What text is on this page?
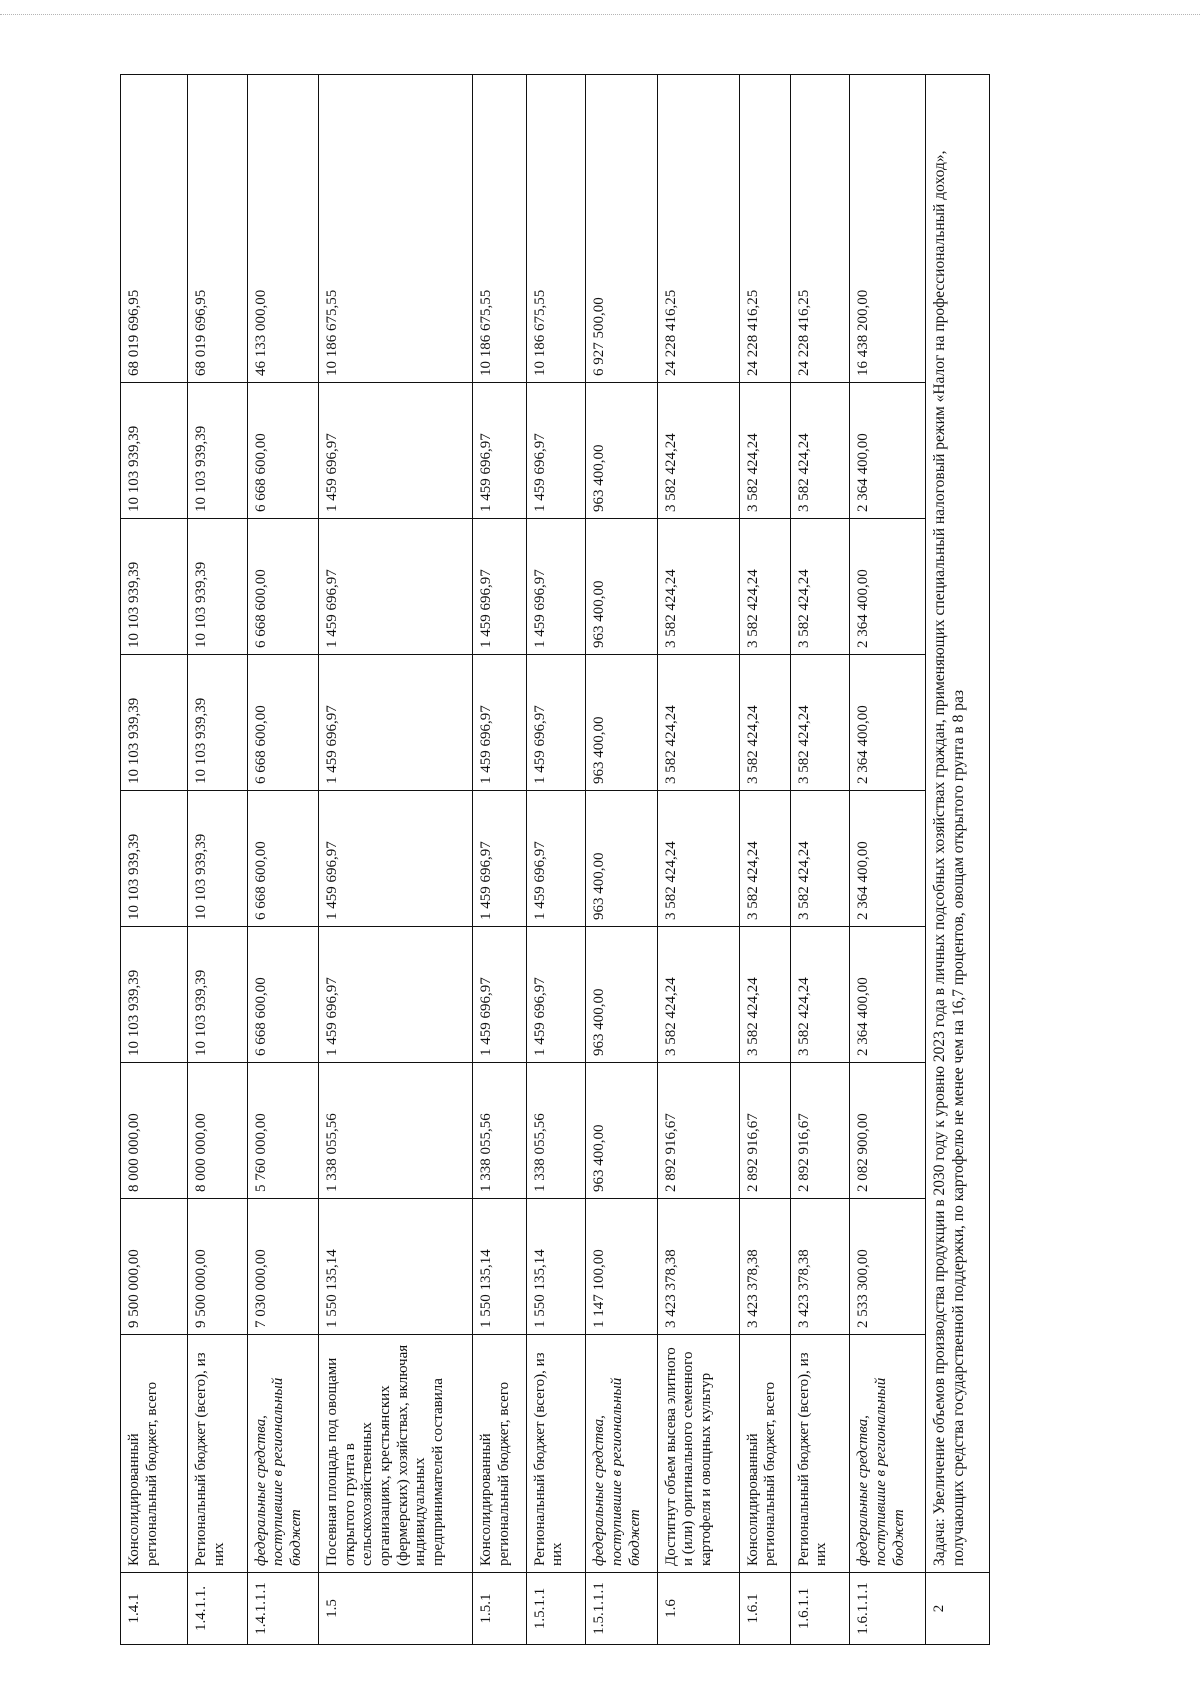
1.4.1	Консолидированный региональный бюджет, всего	9 500 000,00	8 000 000,00	10 103 939,39	10 103 939,39	10 103 939,39	10 103 939,39	10 103 939,39	68 019 696,95
1.4.1.1.	Региональный бюджет (всего), из них	9 500 000,00	8 000 000,00	10 103 939,39	10 103 939,39	10 103 939,39	10 103 939,39	10 103 939,39	68 019 696,95
1.4.1.1.1	федеральные средства, поступившие в региональный бюджет	7 030 000,00	5 760 000,00	6 668 600,00	6 668 600,00	6 668 600,00	6 668 600,00	6 668 600,00	46 133 000,00
1.5	Посевная площадь под овощами открытого грунта в сельскохозяйственных организациях, крестьянских (фермерских) хозяйствах, включая индивидуальных предпринимателей составила	1 550 135,14	1 338 055,56	1 459 696,97	1 459 696,97	1 459 696,97	1 459 696,97	1 459 696,97	10 186 675,55
1.5.1	Консолидированный региональный бюджет, всего	1 550 135,14	1 338 055,56	1 459 696,97	1 459 696,97	1 459 696,97	1 459 696,97	1 459 696,97	10 186 675,55
1.5.1.1	Региональный бюджет (всего), из них	1 550 135,14	1 338 055,56	1 459 696,97	1 459 696,97	1 459 696,97	1 459 696,97	1 459 696,97	10 186 675,55
1.5.1.1.1	федеральные средства, поступившие в региональный бюджет	1 147 100,00	963 400,00	963 400,00	963 400,00	963 400,00	963 400,00	963 400,00	6 927 500,00
1.6	Достигнут объем высева элитного и (или) оригинального семенного картофеля и овощных культур	3 423 378,38	2 892 916,67	3 582 424,24	3 582 424,24	3 582 424,24	3 582 424,24	3 582 424,24	24 228 416,25
1.6.1	Консолидированный региональный бюджет, всего	3 423 378,38	2 892 916,67	3 582 424,24	3 582 424,24	3 582 424,24	3 582 424,24	3 582 424,24	24 228 416,25
1.6.1.1	Региональный бюджет (всего), из них	3 423 378,38	2 892 916,67	3 582 424,24	3 582 424,24	3 582 424,24	3 582 424,24	3 582 424,24	24 228 416,25
1.6.1.1.1	федеральные средства, поступившие в региональный бюджет	2 533 300,00	2 082 900,00	2 364 400,00	2 364 400,00	2 364 400,00	2 364 400,00	2 364 400,00	16 438 200,00
2	Задача: Увеличение объемов производства продукции в 2030 году к уровню 2023 года в личных подсобных хозяйствах граждан, применяющих специальный налоговый режим «Налог на профессиональный доход», получающих средства государственной поддержки, по картофелю не менее чем на 16,7 процентов, овощам открытого грунта в 8 раз								
